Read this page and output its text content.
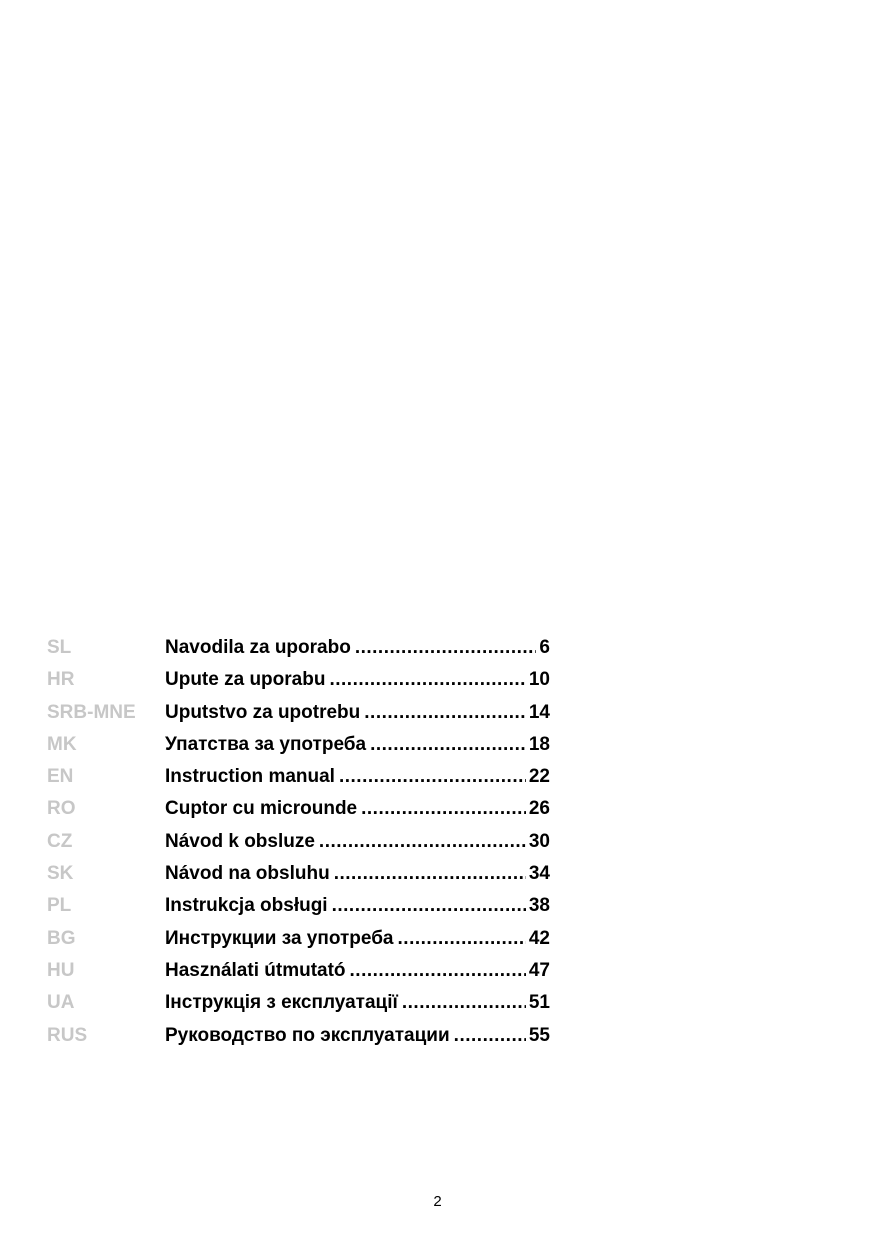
SL	Navodila za uporabo .....	6
HR	Upute za uporabu .....	10
SRB-MNE	Uputstvo za upotrebu .....	14
MK	Упатства за употреба .....	18
EN	Instruction manual .....	22
RO	Cuptor cu microunde .....	26
CZ	Návod k obsluze .....	30
SK	Návod na obsluhu .....	34
PL	Instrukcja obsługi .....	38
BG	Инструкции за употреба .....	42
HU	Használati útmutató .....	47
UA	Інструкція з експлуатації .....	51
RUS	Руководство по эксплуатации .....	55
2
